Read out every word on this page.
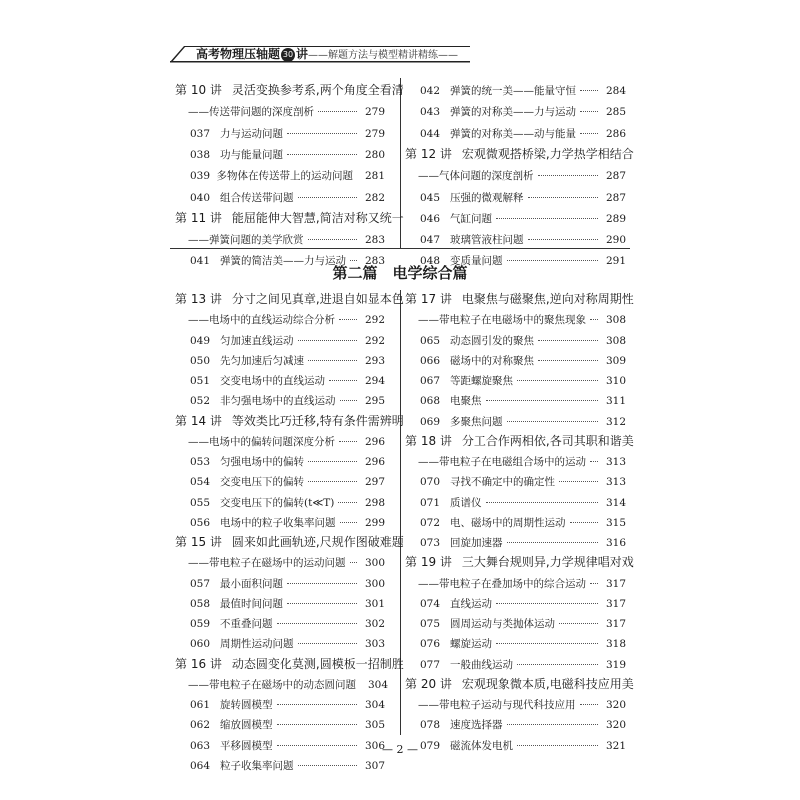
高考物理压轴题 30 讲——解题方法与模型精讲精练——
第 10 讲 灵活变换参考系,两个角度全看清
——传送带问题的深度剖析	279
037 力与运动问题	279
038 功与能量问题	280
039 多物体在传送带上的运动问题	281
040 组合传送带问题	282
第 11 讲 能屈能伸大智慧,简洁对称又统一
——弹簧问题的美学欣赏	283
041 弹簧的简洁美——力与运动	283
042 弹簧的统一美——能量守恒	284
043 弹簧的对称美——力与运动	285
044 弹簧的对称美——动与能量	286
第 12 讲 宏观微观搭桥梁,力学热学相结合
——气体问题的深度剖析	287
045 压强的微观解释	287
046 气缸问题	289
047 玻璃管液柱问题	290
048 变质量问题	291
第二篇　电学综合篇
第 13 讲 分寸之间见真章,进退自如显本色
——电场中的直线运动综合分析	292
049 匀加速直线运动	292
050 先匀加速后匀减速	293
051 交变电场中的直线运动	294
052 非匀强电场中的直线运动	295
第 14 讲 等效类比巧迁移,特有条件需辨明
——电场中的偏转问题深度分析	296
053 匀强电场中的偏转	296
054 交变电压下的偏转	297
055 交变电压下的偏转(t≪T)	298
056 电场中的粒子收集率问题	299
第 15 讲 圆来如此画轨迹,尺规作图破难题
——带电粒子在磁场中的运动问题	300
057 最小面积问题	300
058 最值时间问题	301
059 不重叠问题	302
060 周期性运动问题	303
第 16 讲 动态圆变化莫测,圆模板一招制胜
——带电粒子在磁场中的动态圆问题	304
061 旋转圆模型	304
062 缩放圆模型	305
063 平移圆模型	306
064 粒子收集率问题	307
第 17 讲 电聚焦与磁聚焦,逆向对称周期性
——带电粒子在电磁场中的聚焦现象	308
065 动态圆引发的聚焦	308
066 磁场中的对称聚焦	309
067 等距螺旋聚焦	310
068 电聚焦	311
069 多聚焦问题	312
第 18 讲 分工合作两相依,各司其职和谐美
——带电粒子在电磁组合场中的运动	313
070 寻找不确定中的确定性	313
071 质谱仪	314
072 电、磁场中的周期性运动	315
073 回旋加速器	316
第 19 讲 三大舞台规则异,力学规律唱对戏
——带电粒子在叠加场中的综合运动	317
074 直线运动	317
075 圆周运动与类抛体运动	317
076 螺旋运动	318
077 一般曲线运动	319
第 20 讲 宏观现象微本质,电磁科技应用美
——带电粒子运动与现代科技应用	320
078 速度选择器	320
079 磁流体发电机	321
— 2 —
